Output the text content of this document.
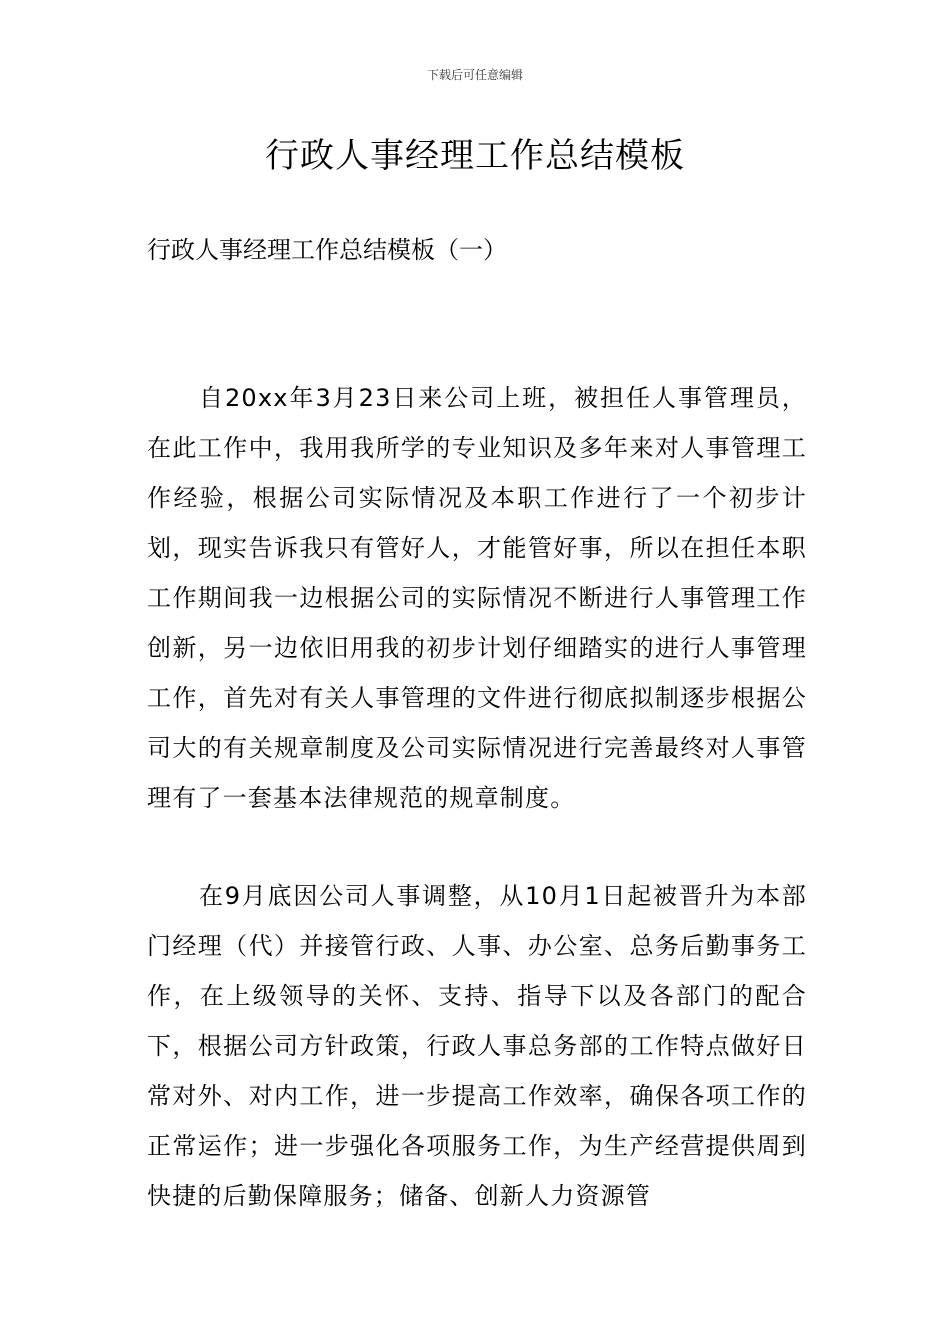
下载后可任意编辑
行政人事经理工作总结模板
行政人事经理工作总结模板（一）

自20xx年3月23日来公司上班，被担任人事管理员，在此工作中，我用我所学的专业知识及多年来对人事管理工作经验，根据公司实际情况及本职工作进行了一个初步计划，现实告诉我只有管好人，才能管好事，所以在担任本职工作期间我一边根据公司的实际情况不断进行人事管理工作创新，另一边依旧用我的初步计划仔细踏实的进行人事管理工作，首先对有关人事管理的文件进行彻底拟制逐步根据公司大的有关规章制度及公司实际情况进行完善最终对人事管理有了一套基本法律规范的规章制度。

在9月底因公司人事调整，从10月1日起被晋升为本部门经理（代）并接管行政、人事、办公室、总务后勤事务工作，在上级领导的关怀、支持、指导下以及各部门的配合下，根据公司方针政策，行政人事总务部的工作特点做好日常对外、对内工作，进一步提高工作效率，确保各项工作的正常运作；进一步强化各项服务工作，为生产经营提供周到快捷的后勤保障服务；储备、创新人力资源管
